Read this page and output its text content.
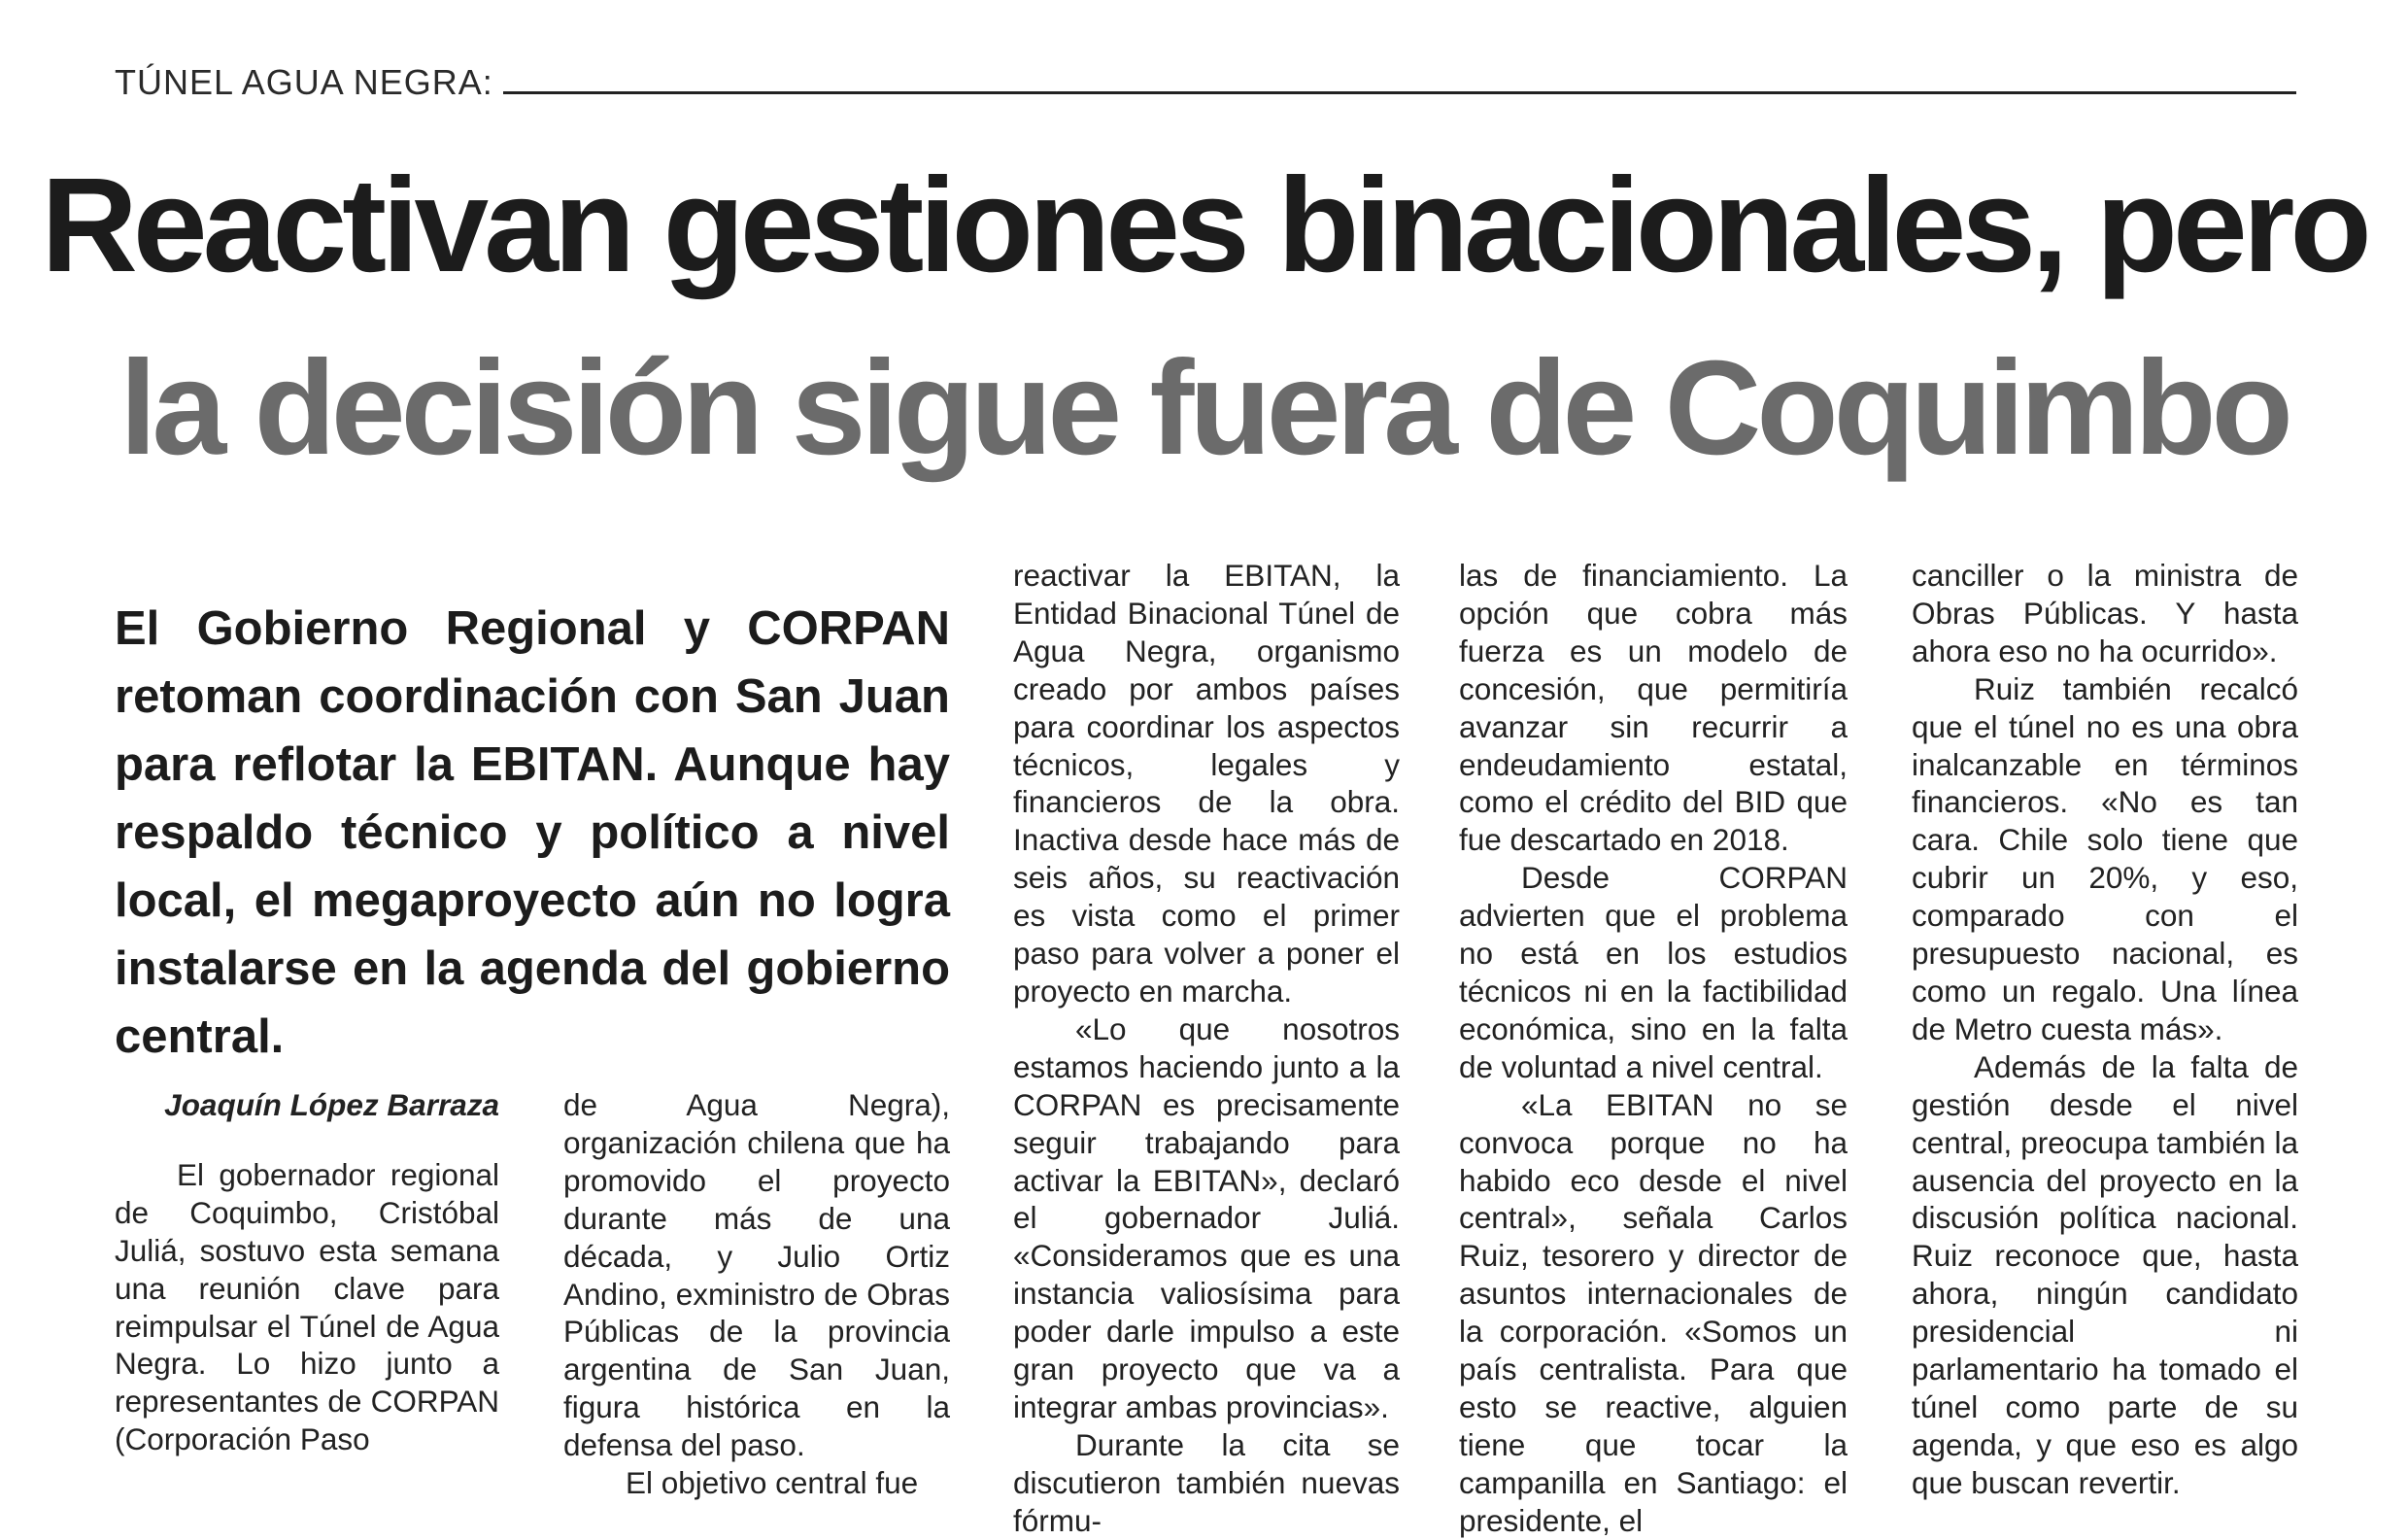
TÚNEL AGUA NEGRA:
Reactivan gestiones binacionales, pero
la decisión sigue fuera de Coquimbo
El Gobierno Regional y CORPAN retoman coordinación con San Juan para reflotar la EBITAN. Aunque hay respaldo técnico y político a nivel local, el megaproyecto aún no logra instalarse en la agenda del gobierno central.

Joaquín López Barraza

El gobernador regional de Coquimbo, Cristóbal Juliá, sostuvo esta semana una reunión clave para reimpulsar el Túnel de Agua Negra. Lo hizo junto a representantes de CORPAN (Corporación Paso

de Agua Negra), organización chilena que ha promovido el proyecto durante más de una década, y Julio Ortiz Andino, exministro de Obras Públicas de la provincia argentina de San Juan, figura histórica en la defensa del paso.

El objetivo central fue

reactivar la EBITAN, la Entidad Binacional Túnel de Agua Negra, organismo creado por ambos países para coordinar los aspectos técnicos, legales y financieros de la obra. Inactiva desde hace más de seis años, su reactivación es vista como el primer paso para volver a poner el proyecto en marcha.

«Lo que nosotros estamos haciendo junto a la CORPAN es precisamente seguir trabajando para activar la EBITAN», declaró el gobernador Juliá. «Consideramos que es una instancia valiosísima para poder darle impulso a este gran proyecto que va a integrar ambas provincias».

Durante la cita se discutieron también nuevas fórmu-

las de financiamiento. La opción que cobra más fuerza es un modelo de concesión, que permitiría avanzar sin recurrir a endeudamiento estatal, como el crédito del BID que fue descartado en 2018.

Desde CORPAN advierten que el problema no está en los estudios técnicos ni en la factibilidad económica, sino en la falta de voluntad a nivel central.

«La EBITAN no se convoca porque no ha habido eco desde el nivel central», señala Carlos Ruiz, tesorero y director de asuntos internacionales de la corporación. «Somos un país centralista. Para que esto se reactive, alguien tiene que tocar la campanilla en Santiago: el presidente, el

canciller o la ministra de Obras Públicas. Y hasta ahora eso no ha ocurrido».

Ruiz también recalcó que el túnel no es una obra inalcanzable en términos financieros. «No es tan cara. Chile solo tiene que cubrir un 20%, y eso, comparado con el presupuesto nacional, es como un regalo. Una línea de Metro cuesta más».

Además de la falta de gestión desde el nivel central, preocupa también la ausencia del proyecto en la discusión política nacional. Ruiz reconoce que, hasta ahora, ningún candidato presidencial ni parlamentario ha tomado el túnel como parte de su agenda, y que eso es algo que buscan revertir.
